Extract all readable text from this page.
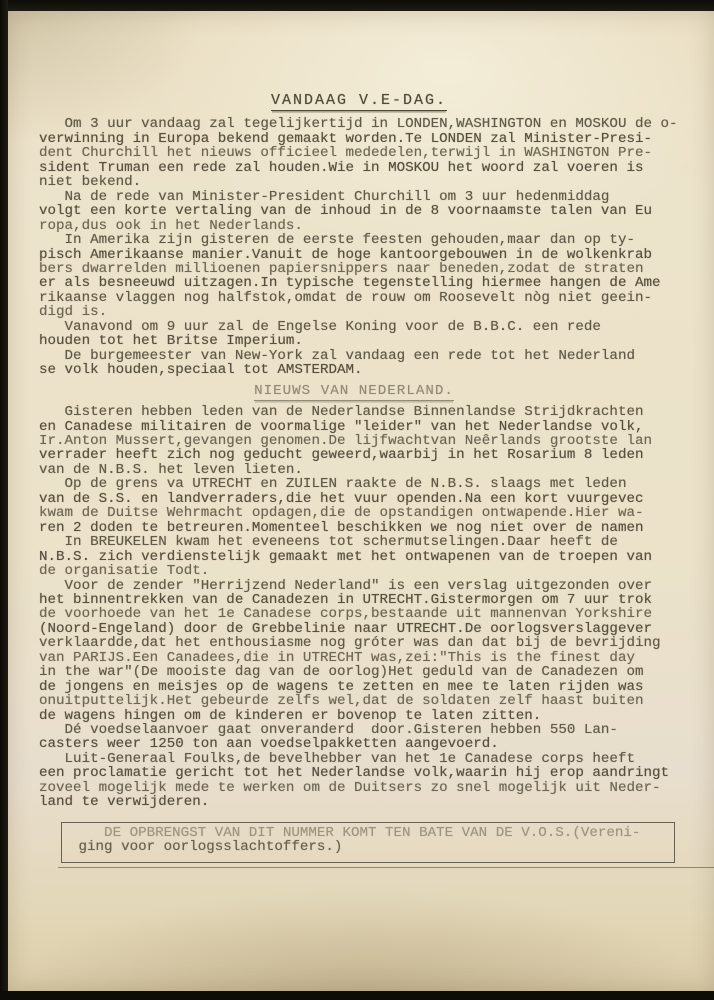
VANDAAG V.E-DAG.
Om 3 uur vandaag zal tegelijkertijd in LONDEN,WASHINGTON en MOSKOU de o-
verwinning in Europa bekend gemaakt worden.Te LONDEN zal Minister-Presi-
dent Churchill het nieuws officieel mededelen,terwijl in WASHINGTON Pre-
sident Truman een rede zal houden.Wie in MOSKOU het woord zal voeren is
niet bekend.
Na de rede van Minister-President Churchill om 3 uur hedenmiddag
volgt een korte vertaling van de inhoud in de 8 voornaamste talen van Eu
ropa,dus ook in het Nederlands.
In Amerika zijn gisteren de eerste feesten gehouden,maar dan op ty-
pisch Amerikaanse manier.Vanuit de hoge kantoorgebouwen in de wolkenkrab
bers dwarrelden millioenen papiersnippers naar beneden,zodat de straten
er als besneeuwd uitzagen.In typische tegenstelling hiermee hangen de Ame
rikaanse vlaggen nog halfstok,omdat de rouw om Roosevelt nòg niet geein-
digd is.
Vanavond om 9 uur zal de Engelse Koning voor de B.B.C. een rede
houden tot het Britse Imperium.
De burgemeester van New-York zal vandaag een rede tot het Nederland
se volk houden,speciaal tot AMSTERDAM.
NIEUWS VAN NEDERLAND.
Gisteren hebben leden van de Nederlandse Binnenlandse Strijdkrachten
en Canadese militairen de voormalige "leider" van het Nederlandse volk,
Ir.Anton Mussert,gevangen genomen.De lijfwachtvan Neêrlands grootste lan
verrader heeft zich nog geducht geweerd,waarbij in het Rosarium 8 leden
van de N.B.S. het leven lieten.
Op de grens va UTRECHT en ZUILEN raakte de N.B.S. slaags met leden
van de S.S. en landverraders,die het vuur openden.Na een kort vuurgevec
kwam de Duitse Wehrmacht opdagen,die de opstandigen ontwapende.Hier wa-
ren 2 doden te betreuren.Momenteel beschikken we nog niet over de namen
In BREUKELEN kwam het eveneens tot schermutselingen.Daar heeft de
N.B.S. zich verdienstelijk gemaakt met het ontwapenen van de troepen van
de organisatie Todt.
Voor de zender "Herrijzend Nederland" is een verslag uitgezonden over
het binnentrekken van de Canadezen in UTRECHT.Gistermorgen om 7 uur trok
de voorhoede van het 1e Canadese corps,bestaande uit mannenvan Yorkshire
(Noord-Engeland) door de Grebbelinie naar UTRECHT.De oorlogsverslaggever
verklaardde,dat het enthousiasme nog gróter was dan dat bij de bevrijding
van PARIJS.Een Canadees,die in UTRECHT was,zei:"This is the finest day
in the war"(De mooiste dag van de oorlog)Het geduld van de Canadezen om
de jongens en meisjes op de wagens te zetten en mee te laten rijden was
onuitputtelijk.Het gebeurde zelfs wel,dat de soldaten zelf haast buiten
de wagens hingen om de kinderen er bovenop te laten zitten.
Dé voedselaanvoer gaat onveranderd  door.Gisteren hebben 550 Lan-
casters weer 1250 ton aan voedselpakketten aangevoerd.
Luit-Generaal Foulks,de bevelhebber van het 1e Canadese corps heeft
een proclamatie gericht tot het Nederlandse volk,waarin hij erop aandringt
zoveel mogelijk mede te werken om de Duitsers zo snel mogelijk uit Neder-
land te verwijderen.
DE OPBRENGST VAN DIT NUMMER KOMT TEN BATE VAN DE V.O.S.(Vereni-
ging voor oorlogsslachtoffers.)
